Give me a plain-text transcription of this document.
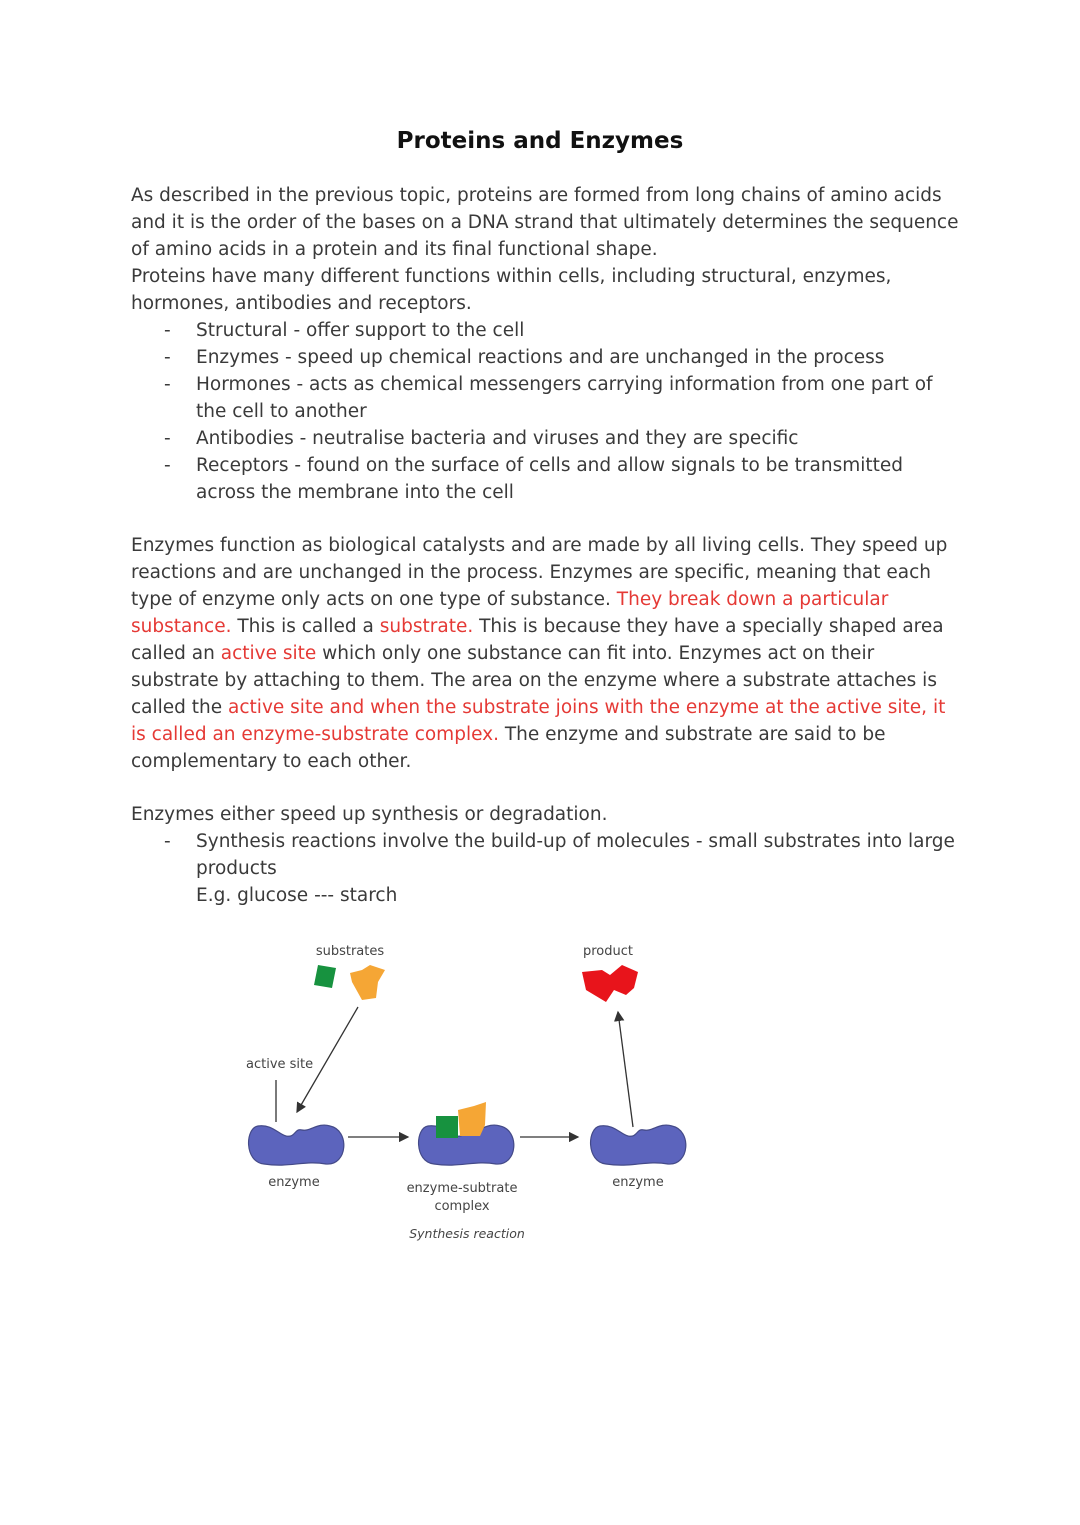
Proteins and Enzymes

As described in the previous topic, proteins are formed from long chains of amino acids and it is the order of the bases on a DNA strand that ultimately determines the sequence of amino acids in a protein and its final functional shape.

Proteins have many different functions within cells, including structural, enzymes, hormones, antibodies and receptors.

- Structural - offer support to the cell
- Enzymes - speed up chemical reactions and are unchanged in the process
- Hormones - acts as chemical messengers carrying information from one part of the cell to another
- Antibodies - neutralise bacteria and viruses and they are specific
- Receptors - found on the surface of cells and allow signals to be transmitted across the membrane into the cell

Enzymes function as biological catalysts and are made by all living cells. They speed up reactions and are unchanged in the process. Enzymes are specific, meaning that each type of enzyme only acts on one type of substance. They break down a particular substance. This is called a substrate. This is because they have a specially shaped area called an active site which only one substance can fit into. Enzymes act on their substrate by attaching to them. The area on the enzyme where a substrate attaches is called the active site and when the substrate joins with the enzyme at the active site, it is called an enzyme-substrate complex. The enzyme and substrate are said to be complementary to each other.

Enzymes either speed up synthesis or degradation.

- Synthesis reactions involve the build-up of molecules - small substrates into large products

E.g. glucose --- starch

substrates	product
active site
enzyme	enzyme-subtrate
complex
enzyme
Synthesis reaction
